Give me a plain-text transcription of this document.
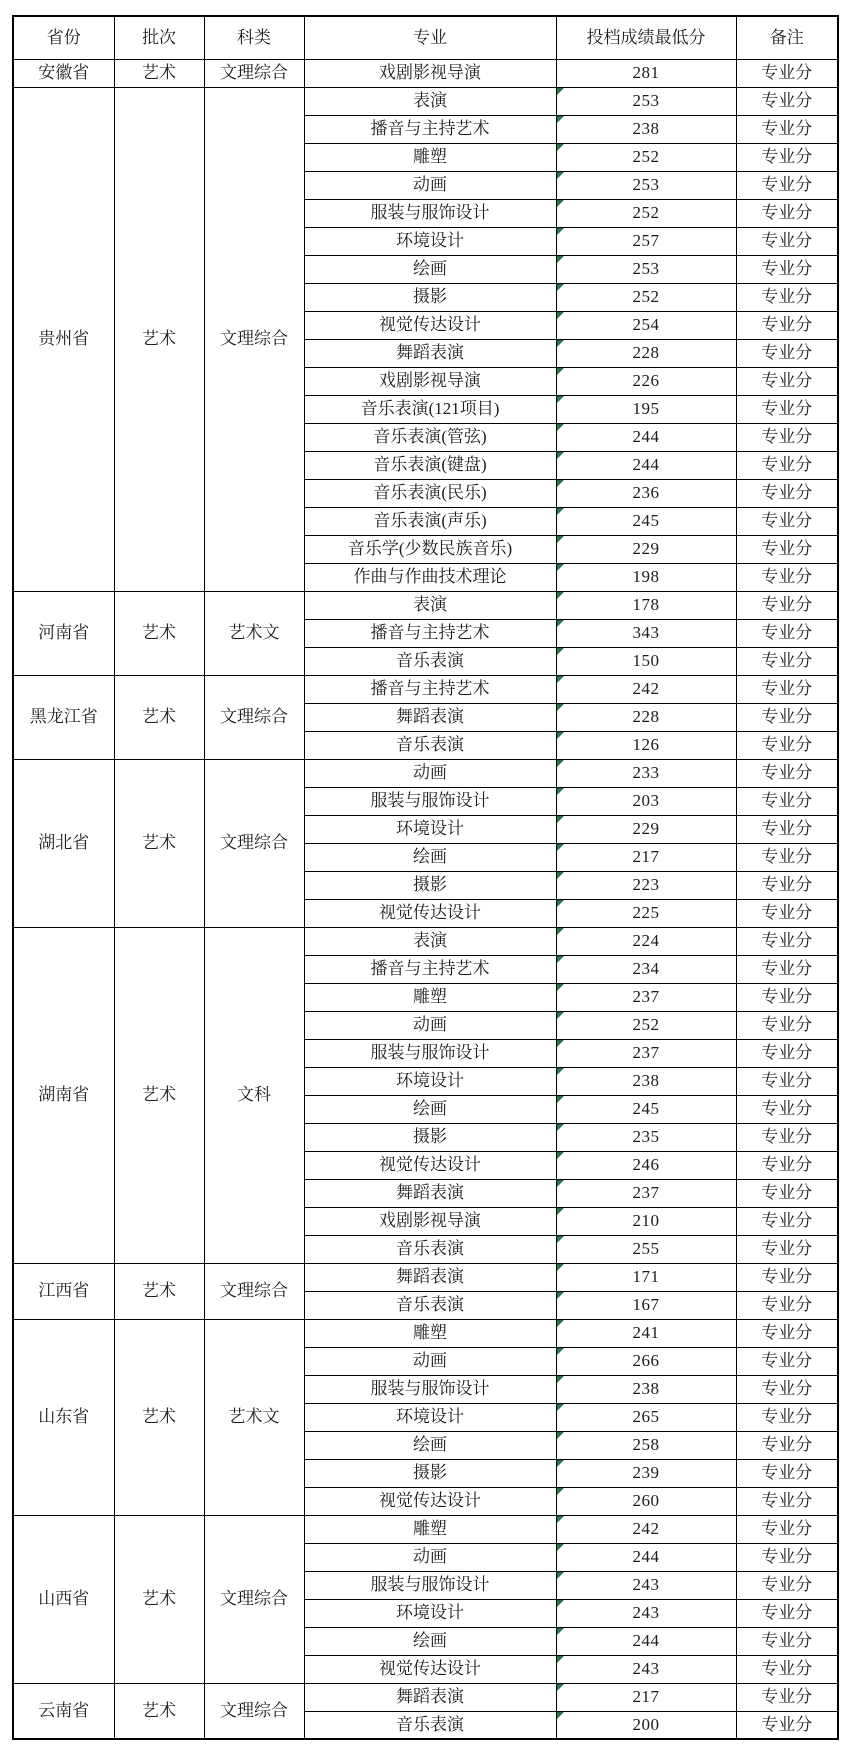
省份	批次	科类	专业	投档成绩最低分	备注
安徽省	艺术	文理综合	戏剧影视导演	281	专业分
贵州省	艺术	文理综合	表演	253	专业分
			播音与主持艺术	238	专业分
			雕塑	252	专业分
			动画	253	专业分
			服装与服饰设计	252	专业分
			环境设计	257	专业分
			绘画	253	专业分
			摄影	252	专业分
			视觉传达设计	254	专业分
			舞蹈表演	228	专业分
			戏剧影视导演	226	专业分
			音乐表演(121项目)	195	专业分
			音乐表演(管弦)	244	专业分
			音乐表演(键盘)	244	专业分
			音乐表演(民乐)	236	专业分
			音乐表演(声乐)	245	专业分
			音乐学(少数民族音乐)	229	专业分
			作曲与作曲技术理论	198	专业分
河南省	艺术	艺术文	表演	178	专业分
			播音与主持艺术	343	专业分
			音乐表演	150	专业分
黑龙江省	艺术	文理综合	播音与主持艺术	242	专业分
			舞蹈表演	228	专业分
			音乐表演	126	专业分
湖北省	艺术	文理综合	动画	233	专业分
			服装与服饰设计	203	专业分
			环境设计	229	专业分
			绘画	217	专业分
			摄影	223	专业分
			视觉传达设计	225	专业分
湖南省	艺术	文科	表演	224	专业分
			播音与主持艺术	234	专业分
			雕塑	237	专业分
			动画	252	专业分
			服装与服饰设计	237	专业分
			环境设计	238	专业分
			绘画	245	专业分
			摄影	235	专业分
			视觉传达设计	246	专业分
			舞蹈表演	237	专业分
			戏剧影视导演	210	专业分
			音乐表演	255	专业分
江西省	艺术	文理综合	舞蹈表演	171	专业分
			音乐表演	167	专业分
山东省	艺术	艺术文	雕塑	241	专业分
			动画	266	专业分
			服装与服饰设计	238	专业分
			环境设计	265	专业分
			绘画	258	专业分
			摄影	239	专业分
			视觉传达设计	260	专业分
山西省	艺术	文理综合	雕塑	242	专业分
			动画	244	专业分
			服装与服饰设计	243	专业分
			环境设计	243	专业分
			绘画	244	专业分
			视觉传达设计	243	专业分
云南省	艺术	文理综合	舞蹈表演	217	专业分
			音乐表演	200	专业分
